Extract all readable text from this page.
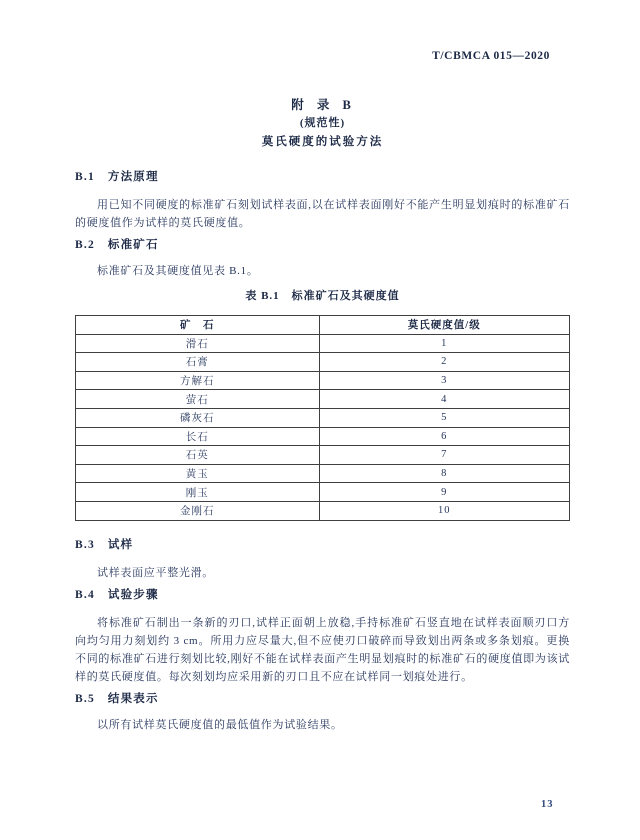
T/CBMCA 015—2020
附 录 B
(规范性)
莫氏硬度的试验方法
B.1 方法原理

用已知不同硬度的标准矿石刻划试样表面,以在试样表面刚好不能产生明显划痕时的标准矿石的硬度值作为试样的莫氏硬度值。

B.2 标准矿石

标准矿石及其硬度值见表 B.1。

表 B.1 标准矿石及其硬度值
矿　石	莫氏硬度值/级
滑石	1
石膏	2
方解石	3
萤石	4
磷灰石	5
长石	6
石英	7
黄玉	8
刚玉	9
金刚石	10
B.3 试样

试样表面应平整光滑。

B.4 试验步骤

将标准矿石制出一条新的刃口,试样正面朝上放稳,手持标准矿石竖直地在试样表面顺刃口方向均匀用力刻划约 3 cm。所用力应尽量大,但不应使刃口破碎而导致划出两条或多条划痕。更换不同的标准矿石进行刻划比较,刚好不能在试样表面产生明显划痕时的标准矿石的硬度值即为该试样的莫氏硬度值。每次刻划均应采用新的刃口且不应在试样同一划痕处进行。

B.5 结果表示

以所有试样莫氏硬度值的最低值作为试验结果。

13
